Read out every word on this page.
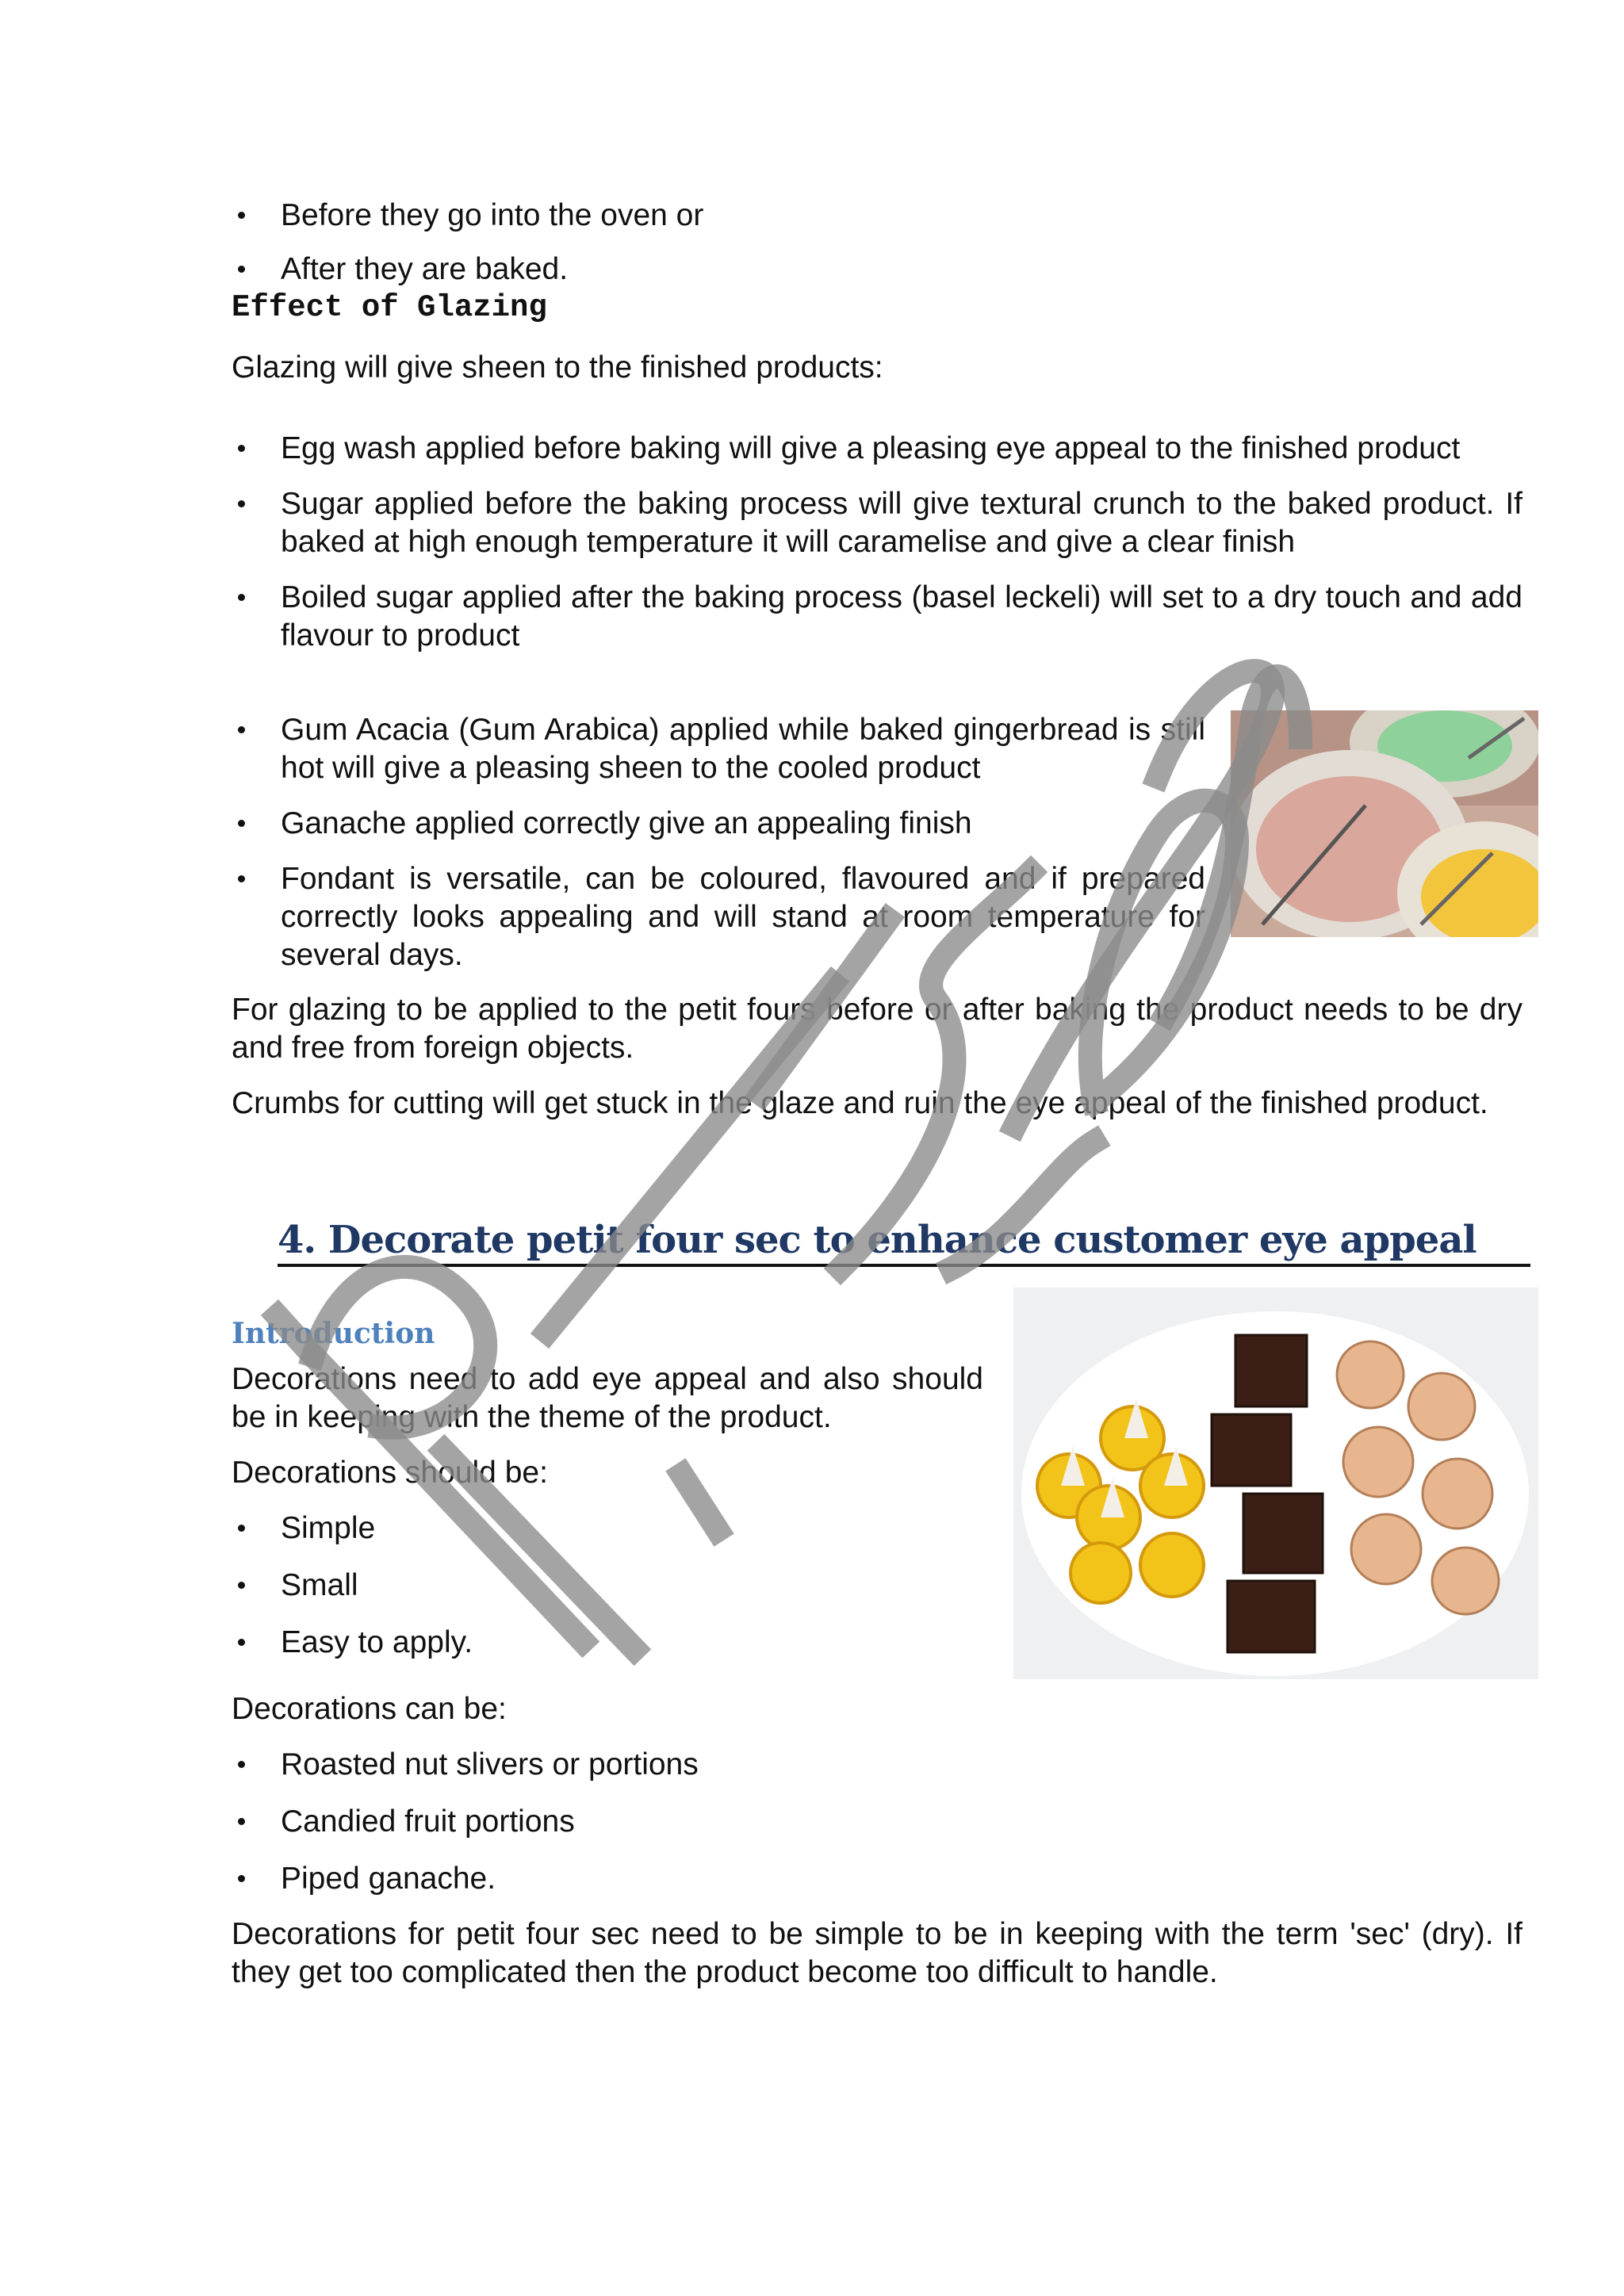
Before they go into the oven or
After they are baked.
Effect of Glazing

Glazing will give sheen to the finished products:

Egg wash applied before baking will give a pleasing eye appeal to the finished product
Sugar applied before the baking process will give textural crunch to the baked product. If baked at high enough temperature it will caramelise and give a clear finish
Boiled sugar applied after the baking process (basel leckeli) will set to a dry touch and add flavour to product
Gum Acacia (Gum Arabica) applied while baked gingerbread is still hot will give a pleasing sheen to the cooled product
Ganache applied correctly give an appealing finish
Fondant is versatile, can be coloured, flavoured and if prepared correctly looks appealing and will stand at room temperature for several days.

For glazing to be applied to the petit fours before or after baking the product needs to be dry and free from foreign objects.

Crumbs for cutting will get stuck in the glaze and ruin the eye appeal of the finished product.

4. Decorate petit four sec to enhance customer eye appeal
Introduction

Decorations need to add eye appeal and also should be in keeping with the theme of the product.

Decorations should be:

Simple
Small
Easy to apply.

Decorations can be:

Roasted nut slivers or portions
Candied fruit portions
Piped ganache.

Decorations for petit four sec need to be simple to be in keeping with the term 'sec' (dry). If they get too complicated then the product become too difficult to handle.
